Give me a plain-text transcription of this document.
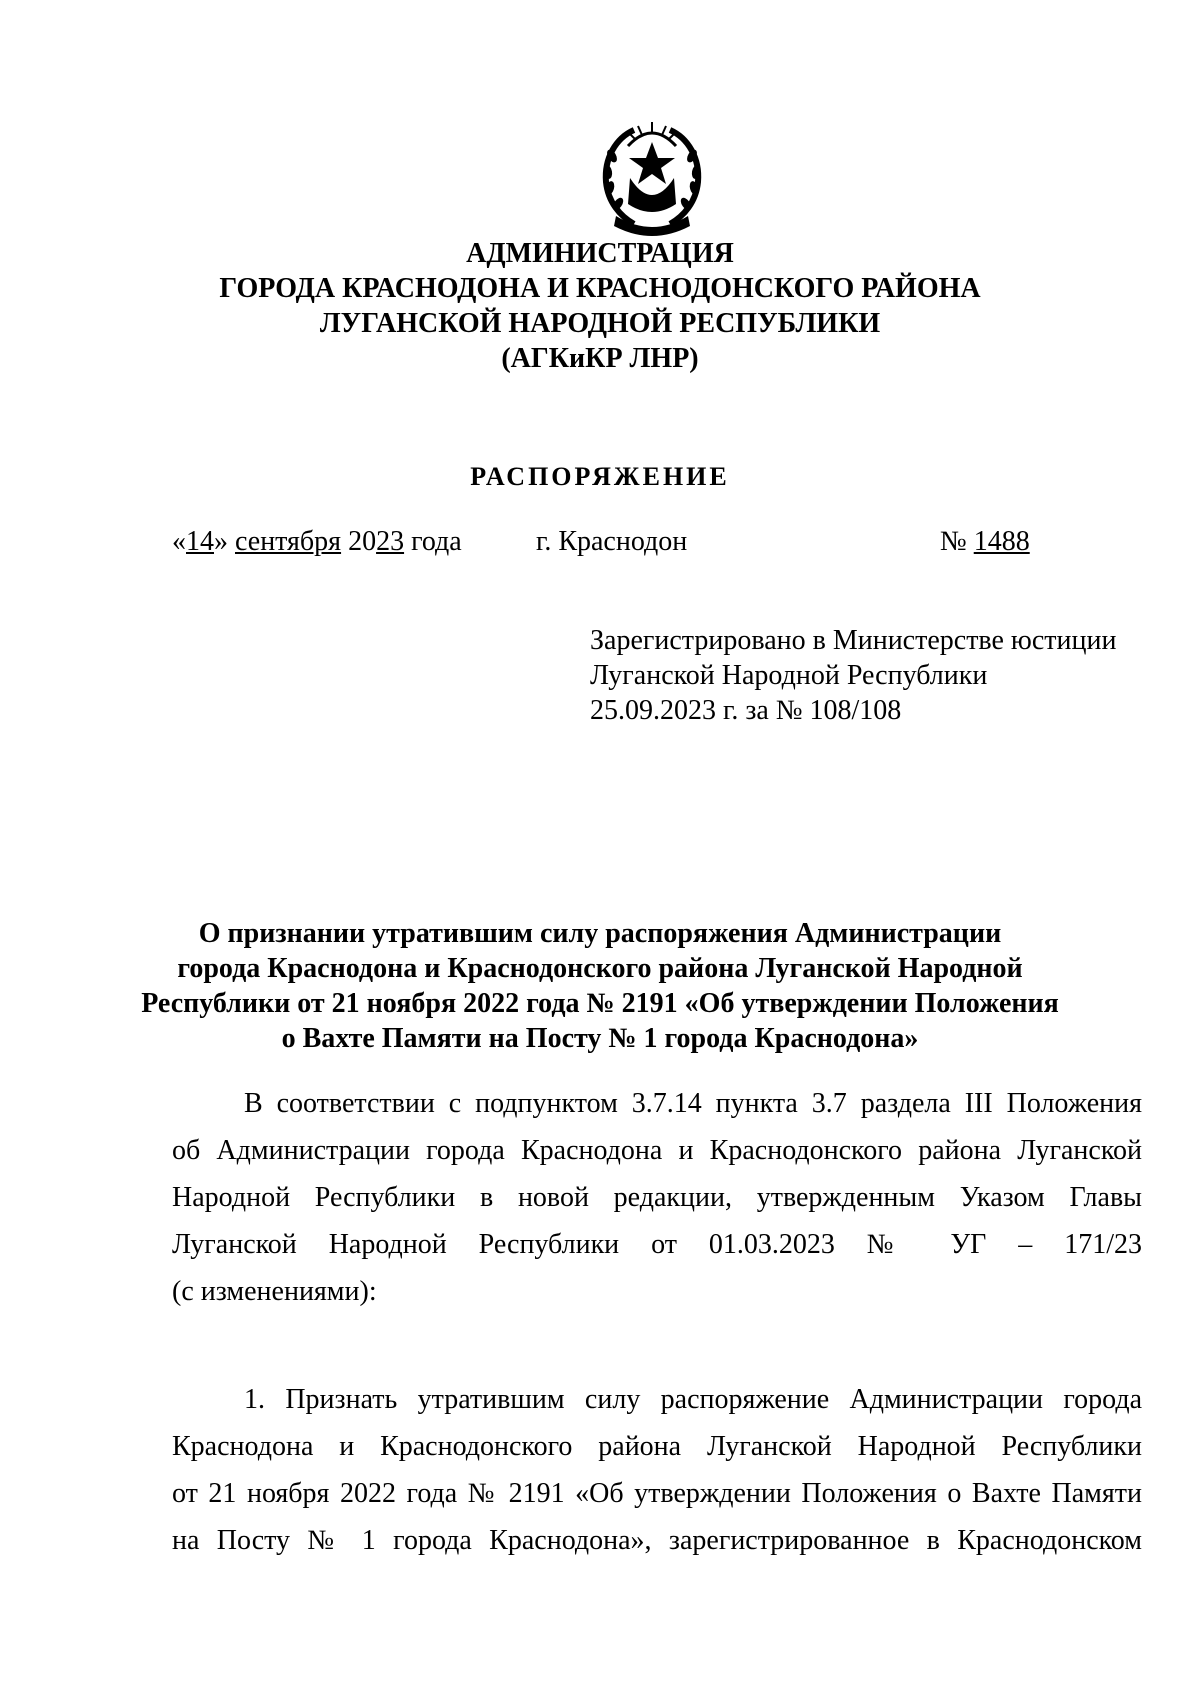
АДМИНИСТРАЦИЯ
ГОРОДА КРАСНОДОНА И КРАСНОДОНСКОГО РАЙОНА
ЛУГАНСКОЙ НАРОДНОЙ РЕСПУБЛИКИ
(АГКиКР ЛНР)
РАСПОРЯЖЕНИЕ
«14» сентября 2023 года	г. Краснодон	№ 1488
Зарегистрировано в Министерстве юстиции
Луганской Народной Республики
25.09.2023 г. за № 108/108
О признании утратившим силу распоряжения Администрации
города Краснодона и Краснодонского района Луганской Народной
Республики от 21 ноября 2022 года № 2191 «Об утверждении Положения
о Вахте Памяти на Посту № 1 города Краснодона»
В соответствии с подпунктом 3.7.14 пункта 3.7 раздела III Положения
об Администрации города Краснодона и Краснодонского района Луганской
Народной Республики в новой редакции, утвержденным Указом Главы
Луганской Народной Республики от 01.03.2023 № УГ – 171/23
(с изменениями):
1. Признать утратившим силу распоряжение Администрации города
Краснодона и Краснодонского района Луганской Народной Республики
от 21 ноября 2022 года № 2191 «Об утверждении Положения о Вахте Памяти
на Посту № 1 города Краснодона», зарегистрированное в Краснодонском
